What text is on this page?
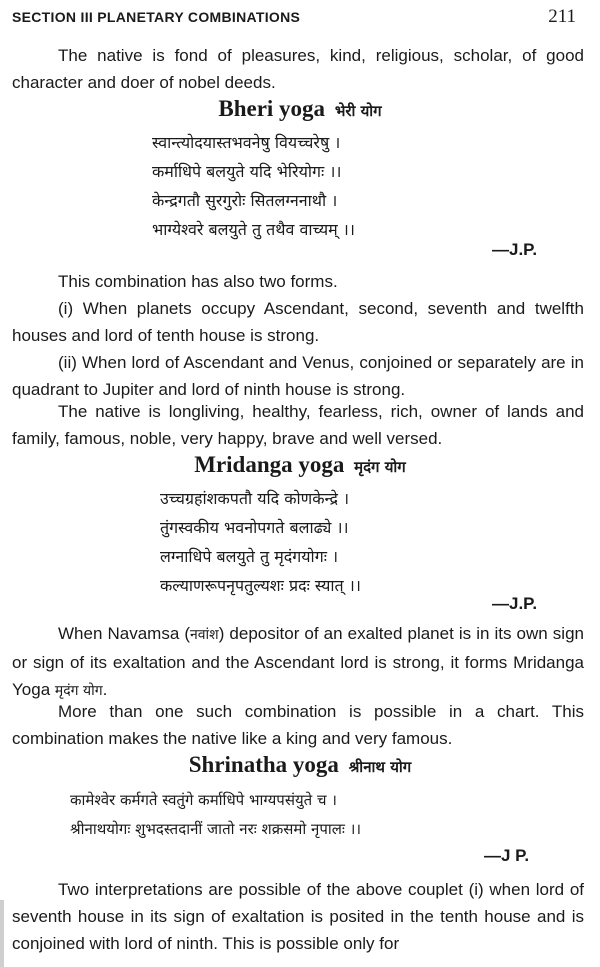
SECTION III PLANETARY COMBINATIONS	211

The native is fond of pleasures, kind, religious, scholar, of good character and doer of nobel deeds.

Bheri yoga भेरी योग
स्वान्त्योदयास्तभवनेषु वियच्चरेषु ।
कर्माधिपे बलयुते यदि भेरियोगः ।।
केन्द्रगतौ सुरगुरोः सितलग्ननाथौ ।
भाग्येश्वरे बलयुते तु तथैव वाच्यम् ।।
—J.P.

This combination has also two forms.

(i) When planets occupy Ascendant, second, seventh and twelfth houses and lord of tenth house is strong.

(ii) When lord of Ascendant and Venus, conjoined or separately are in quadrant to Jupiter and lord of ninth house is strong.

The native is longliving, healthy, fearless, rich, owner of lands and family, famous, noble, very happy, brave and well versed.

Mridanga yoga मृदंग योग
उच्चग्रहांशकपतौ यदि कोणकेन्द्रे ।
तुंगस्वकीय भवनोपगते बलाढ्ये ।।
लग्नाधिपे बलयुते तु मृदंगयोगः ।
कल्याणरूपनृपतुल्यशः प्रदः स्यात् ।।
—J.P.

When Navamsa (नवांश) depositor of an exalted planet is in its own sign or sign of its exaltation and the Ascendant lord is strong, it forms Mridanga Yoga मृदंग योग.

More than one such combination is possible in a chart. This combination makes the native like a king and very famous.

Shrinatha yoga श्रीनाथ योग
कामेश्वेर कर्मगते स्वतुंगे कर्माधिपे भाग्यपसंयुते च ।
श्रीनाथयोगः शुभदस्तदानीं जातो नरः शक्रसमो नृपालः ।।
—J P.

Two interpretations are possible of the above couplet (i) when lord of seventh house in its sign of exaltation is posited in the tenth house and is conjoined with lord of ninth. This is possible only for
